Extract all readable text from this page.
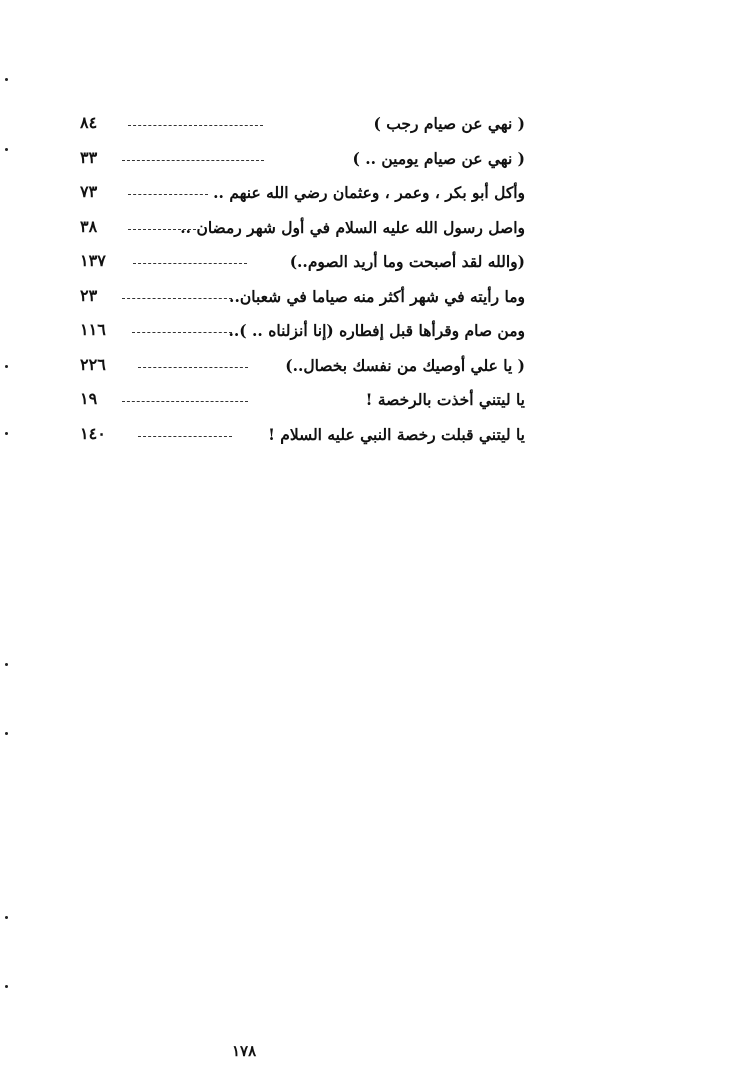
( نهي عن صيام رجب )
٨٤
( نهي عن صيام يومين .. )
٣٣
وأكل أبو بكر ، وعمر ، وعثمان رضي الله عنهم ..
٧٣
واصل رسول الله عليه السلام في أول شهر رمضان ..
٣٨
(والله لقد أصبحت وما أريد الصوم..)
١٣٧
وما رأيته في شهر أكثر منه صياما في شعبان..
٢٣
ومن صام وقرأها قبل إفطاره (إنا أنزلناه .. )..
١١٦
( يا علي أوصيك من نفسك بخصال..)
٢٢٦
يا ليتني أخذت بالرخصة !
١٩
يا ليتني قبلت رخصة النبي عليه السلام !
١٤٠
١٧٨
